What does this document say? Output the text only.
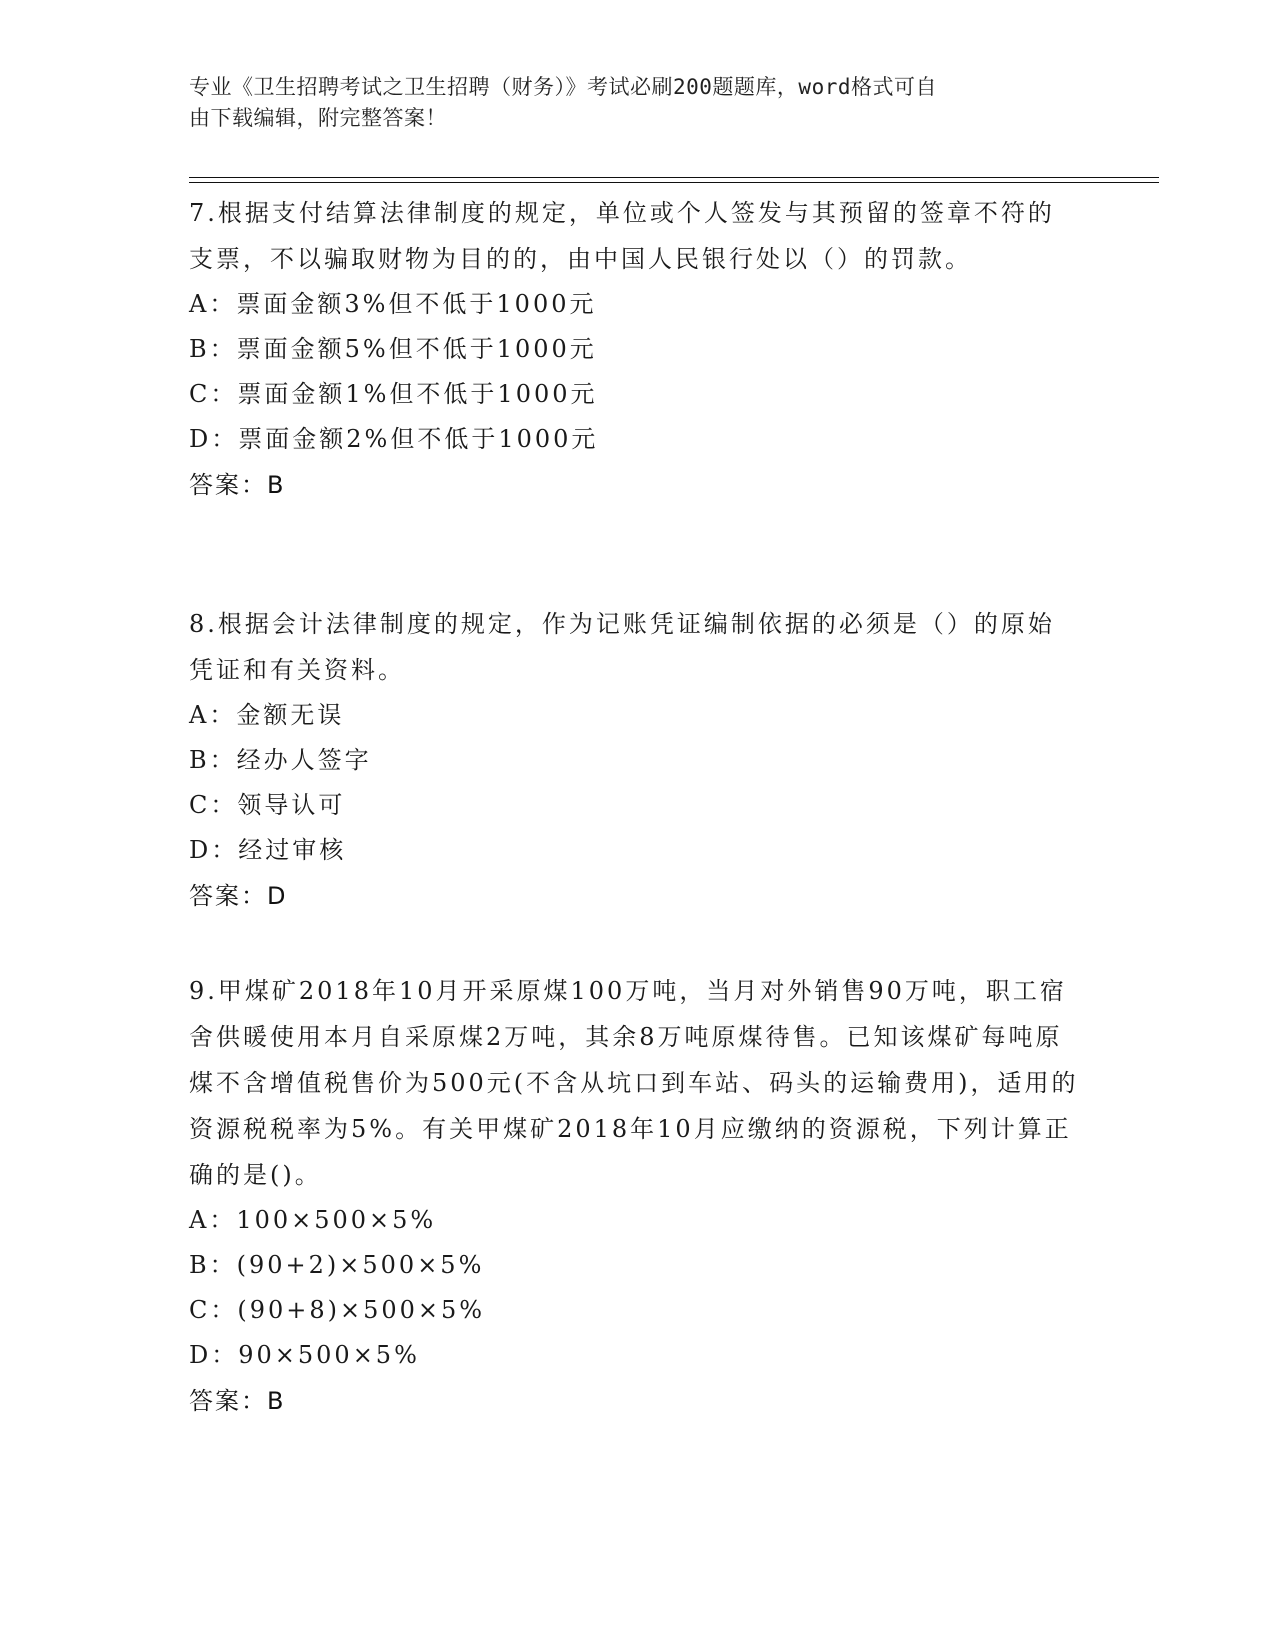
专业《卫生招聘考试之卫生招聘（财务）》考试必刷200题题库，word格式可自
由下载编辑，附完整答案！

7.根据支付结算法律制度的规定，单位或个人签发与其预留的签章不符的支票，不以骗取财物为目的的，由中国人民银行处以（）的罚款。

A：票面金额3%但不低于1000元

B：票面金额5%但不低于1000元

C：票面金额1%但不低于1000元

D：票面金额2%但不低于1000元

答案：B

8.根据会计法律制度的规定，作为记账凭证编制依据的必须是（）的原始凭证和有关资料。

A：金额无误

B：经办人签字

C：领导认可

D：经过审核

答案：D

9.甲煤矿2018年10月开采原煤100万吨，当月对外销售90万吨，职工宿舍供暖使用本月自采原煤2万吨，其余8万吨原煤待售。已知该煤矿每吨原煤不含增值税售价为500元(不含从坑口到车站、码头的运输费用)，适用的资源税税率为5%。有关甲煤矿2018年10月应缴纳的资源税，下列计算正确的是()。

A：100×500×5%

B：(90+2)×500×5%

C：(90+8)×500×5%

D：90×500×5%

答案：B
